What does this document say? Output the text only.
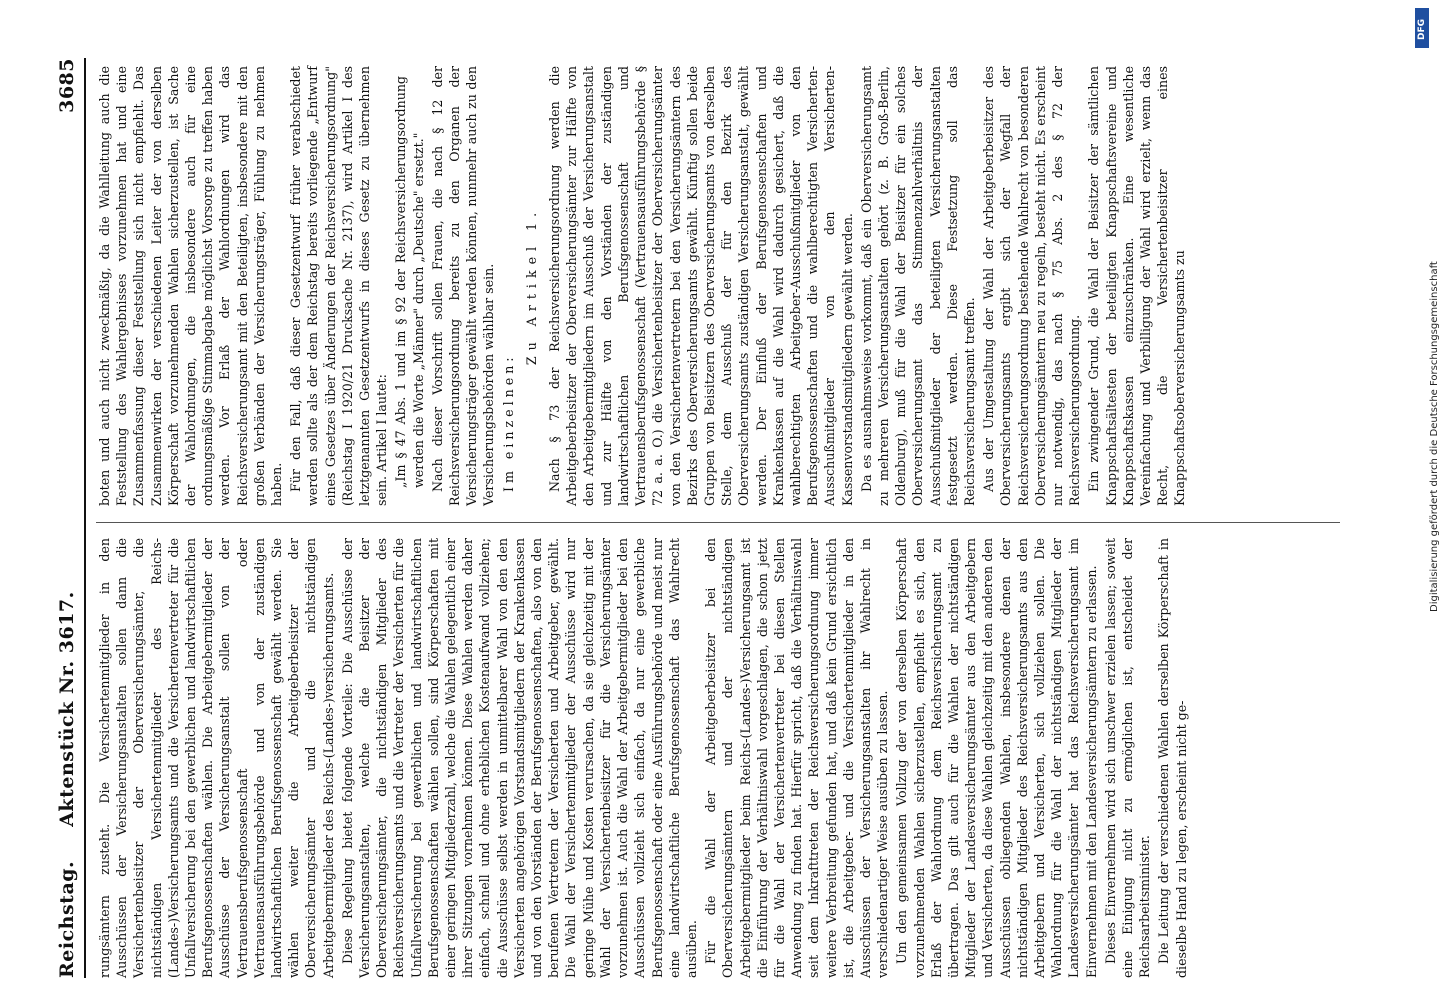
Reichstag.
Aktenstück Nr. 3617.
3685

rungsämtern zusteht. Die Versichertenmitglieder in den Ausschüssen der Versicherungsanstalten sollen dann die Versichertenbeisitzer der Oberversicherungsämter, die nichtständigen Versichertenmitglieder des Reichs-(Landes-)Versicherungsamts und die Versichertenvertreter für die Unfallversicherung bei den gewerblichen und landwirtschaftlichen Berufsgenossenschaften wählen. Die Arbeitgebermitglieder der Ausschüsse der Versicherungsanstalt sollen von der Vertrauensberufsgenossenschaft oder Vertrauensausführungsbehörde und von der zuständigen landwirtschaftlichen Berufsgenossenschaft gewählt werden. Sie wählen weiter die Arbeitgeberbeisitzer der Oberversicherungsämter und die nichtständigen Arbeitgebermitglieder des Reichs-(Landes-)versicherungsamts. Diese Regelung bietet folgende Vorteile: Die Ausschüsse der Versicherungsanstalten, welche die Beisitzer der Oberversicherungsämter, die nichtständigen Mitglieder des Reichsversicherungsamts und die Vertreter der Versicherten für die Unfallversicherung bei gewerblichen und landwirtschaftlichen Berufsgenossenschaften wählen sollen, sind Körperschaften mit einer geringen Mitgliederzahl, welche die Wahlen gelegentlich einer ihrer Sitzungen vornehmen können. Diese Wahlen werden daher einfach, schnell und ohne erheblichen Kostenaufwand vollziehen; die Ausschüsse selbst werden in unmittelbarer Wahl von den den Versicherten angehörigen Vorstandsmitgliedern der Krankenkassen und von den Vorständen der Berufsgenossenschaften, also von den berufenen Vertretern der Versicherten und Arbeitgeber, gewählt. Die Wahl der Versichertenmitglieder der Ausschüsse wird nur geringe Mühe und Kosten verursachen, da sie gleichzeitig mit der Wahl der Versichertenbeisitzer für die Versicherungsämter vorzunehmen ist. Auch die Wahl der Arbeitgebermitglieder bei den Ausschüssen vollzieht sich einfach, da nur eine gewerbliche Berufsgenossenschaft oder eine Ausführungsbehörde und meist nur eine landwirtschaftliche Berufsgenossenschaft das Wahlrecht ausüben. Für die Wahl der Arbeitgeberbeisitzer bei den Oberversicherungsämtern und der nichtständigen Arbeitgebermitglieder beim Reichs-(Landes-)Versicherungsamt ist die Einführung der Verhältniswahl vorgeschlagen, die schon jetzt für die Wahl der Versichertenvertreter bei diesen Stellen Anwendung zu finden hat. Hierfür spricht, daß die Verhältniswahl seit dem Inkrafttreten der Reichsversicherungsordnung immer weitere Verbreitung gefunden hat, und daß kein Grund ersichtlich ist, die Arbeitgeber- und die Versichertenmitglieder in den Ausschüssen der Versicherungsanstalten ihr Wahlrecht in verschiedenartiger Weise ausüben zu lassen. Um den gemeinsamen Vollzug der von derselben Körperschaft vorzunehmenden Wahlen sicherzustellen, empfiehlt es sich, den Erlaß der Wahlordnung dem Reichsversicherungsamt zu übertragen. Das gilt auch für die Wahlen der nichtständigen Mitglieder der Landesversicherungsämter aus den Arbeitgebern und Versicherten, da diese Wahlen gleichzeitig mit den anderen den Ausschüssen obliegenden Wahlen, insbesondere denen der nichtständigen Mitglieder des Reichsversicherungsamts aus den Arbeitgebern und Versicherten, sich vollziehen sollen. Die Wahlordnung für die Wahl der nichtständigen Mitglieder der Landesversicherungsämter hat das Reichsversicherungsamt im Einvernehmen mit den Landesversicherungsämtern zu erlassen. Dieses Einvernehmen wird sich unschwer erzielen lassen; soweit eine Einigung nicht zu ermöglichen ist, entscheidet der Reichsarbeitsminister. Die Leitung der verschiedenen Wahlen derselben Körperschaft in dieselbe Hand zu legen, erscheint nicht ge-

boten und auch nicht zweckmäßig, da die Wahlleitung auch die Feststellung des Wahlergebnisses vorzunehmen hat und eine Zusammenfassung dieser Feststellung sich nicht empfiehlt. Das Zusammenwirken der verschiedenen Leiter der von derselben Körperschaft vorzunehmenden Wahlen sicherzustellen, ist Sache der Wahlordnungen, die insbesondere auch für eine ordnungsmäßige Stimmabgabe möglichst Vorsorge zu treffen haben werden. Vor Erlaß der Wahlordnungen wird das Reichsversicherungsamt mit den Beteiligten, insbesondere mit den großen Verbänden der Versicherungsträger, Fühlung zu nehmen haben. Für den Fall, daß dieser Gesetzentwurf früher verabschiedet werden sollte als der dem Reichstag bereits vorliegende „Entwurf eines Gesetzes über Änderungen der Reichsversicherungsordnung" (Reichstag I 1920/21 Drucksache Nr. 2137), wird Artikel I des letztgenannten Gesetzentwurfs in dieses Gesetz zu übernehmen sein. Artikel I lautet: „Im § 47 Abs. 1 und im § 92 der Reichsversicherungsordnung werden die Worte „Männer" durch „Deutsche" ersetzt." Nach dieser Vorschrift sollen Frauen, die nach § 12 der Reichsversicherungsordnung bereits zu den Organen der Versicherungsträger gewählt werden können, nunmehr auch zu den Versicherungsbehörden wählbar sein. Im einzelnen:

Zu Artikel 1. Nach § 73 der Reichsversicherungsordnung werden die Arbeitgeberbeisitzer der Oberversicherungsämter zur Hälfte von den Arbeitgebermitgliedern im Ausschuß der Versicherungsanstalt und zur Hälfte von den Vorständen der zuständigen landwirtschaftlichen Berufsgenossenschaft und Vertrauensberufsgenossenschaft (Vertrauensausführungsbehörde § 72 a. a. O.) die Versichertenbeisitzer der Oberversicherungsämter von den Versichertenvertretern bei den Versicherungsämtern des Bezirks des Oberversicherungsamts gewählt. Künftig sollen beide Gruppen von Beisitzern des Oberversicherungsamts von derselben Stelle, dem Ausschuß der für den Bezirk des Oberversicherungsamts zuständigen Versicherungsanstalt, gewählt werden. Der Einfluß der Berufsgenossenschaften und Krankenkassen auf die Wahl wird dadurch gesichert, daß die wahlberechtigten Arbeitgeber-Ausschußmitglieder von den Berufsgenossenschaften und die wahlberechtigten Versicherten-Ausschußmitglieder von den Versicherten-Kassenvorstandsmitgliedern gewählt werden. Da es ausnahmsweise vorkommt, daß ein Oberversicherungsamt zu mehreren Versicherungsanstalten gehört (z. B. Groß-Berlin, Oldenburg), muß für die Wahl der Beisitzer für ein solches Oberversicherungsamt das Stimmenzahlverhältnis der Ausschußmitglieder der beteiligten Versicherungsanstalten festgesetzt werden. Diese Festsetzung soll das Reichsversicherungsamt treffen. Aus der Umgestaltung der Wahl der Arbeitgeberbeisitzer des Oberversicherungsamts ergibt sich der Wegfall der Reichsversicherungsordnung bestehende Wahlrecht von besonderen Oberversicherungsämtern neu zu regeln, besteht nicht. Es erscheint nur notwendig, das nach § 75 Abs. 2 des § 72 der Reichsversicherungsordnung. Ein zwingender Grund, die Wahl der Beisitzer der sämtlichen Knappschaftsältesten der beteiligten Knappschaftsvereine und Knappschaftskassen einzuschränken. Eine wesentliche Vereinfachung und Verbilligung der Wahl wird erzielt, wenn das Recht, die Versichertenbeisitzer eines Knappschaftsoberversicherungsamts zu

DFG
Digitalisierung gefördert durch die Deutsche Forschungsgemeinschaft
